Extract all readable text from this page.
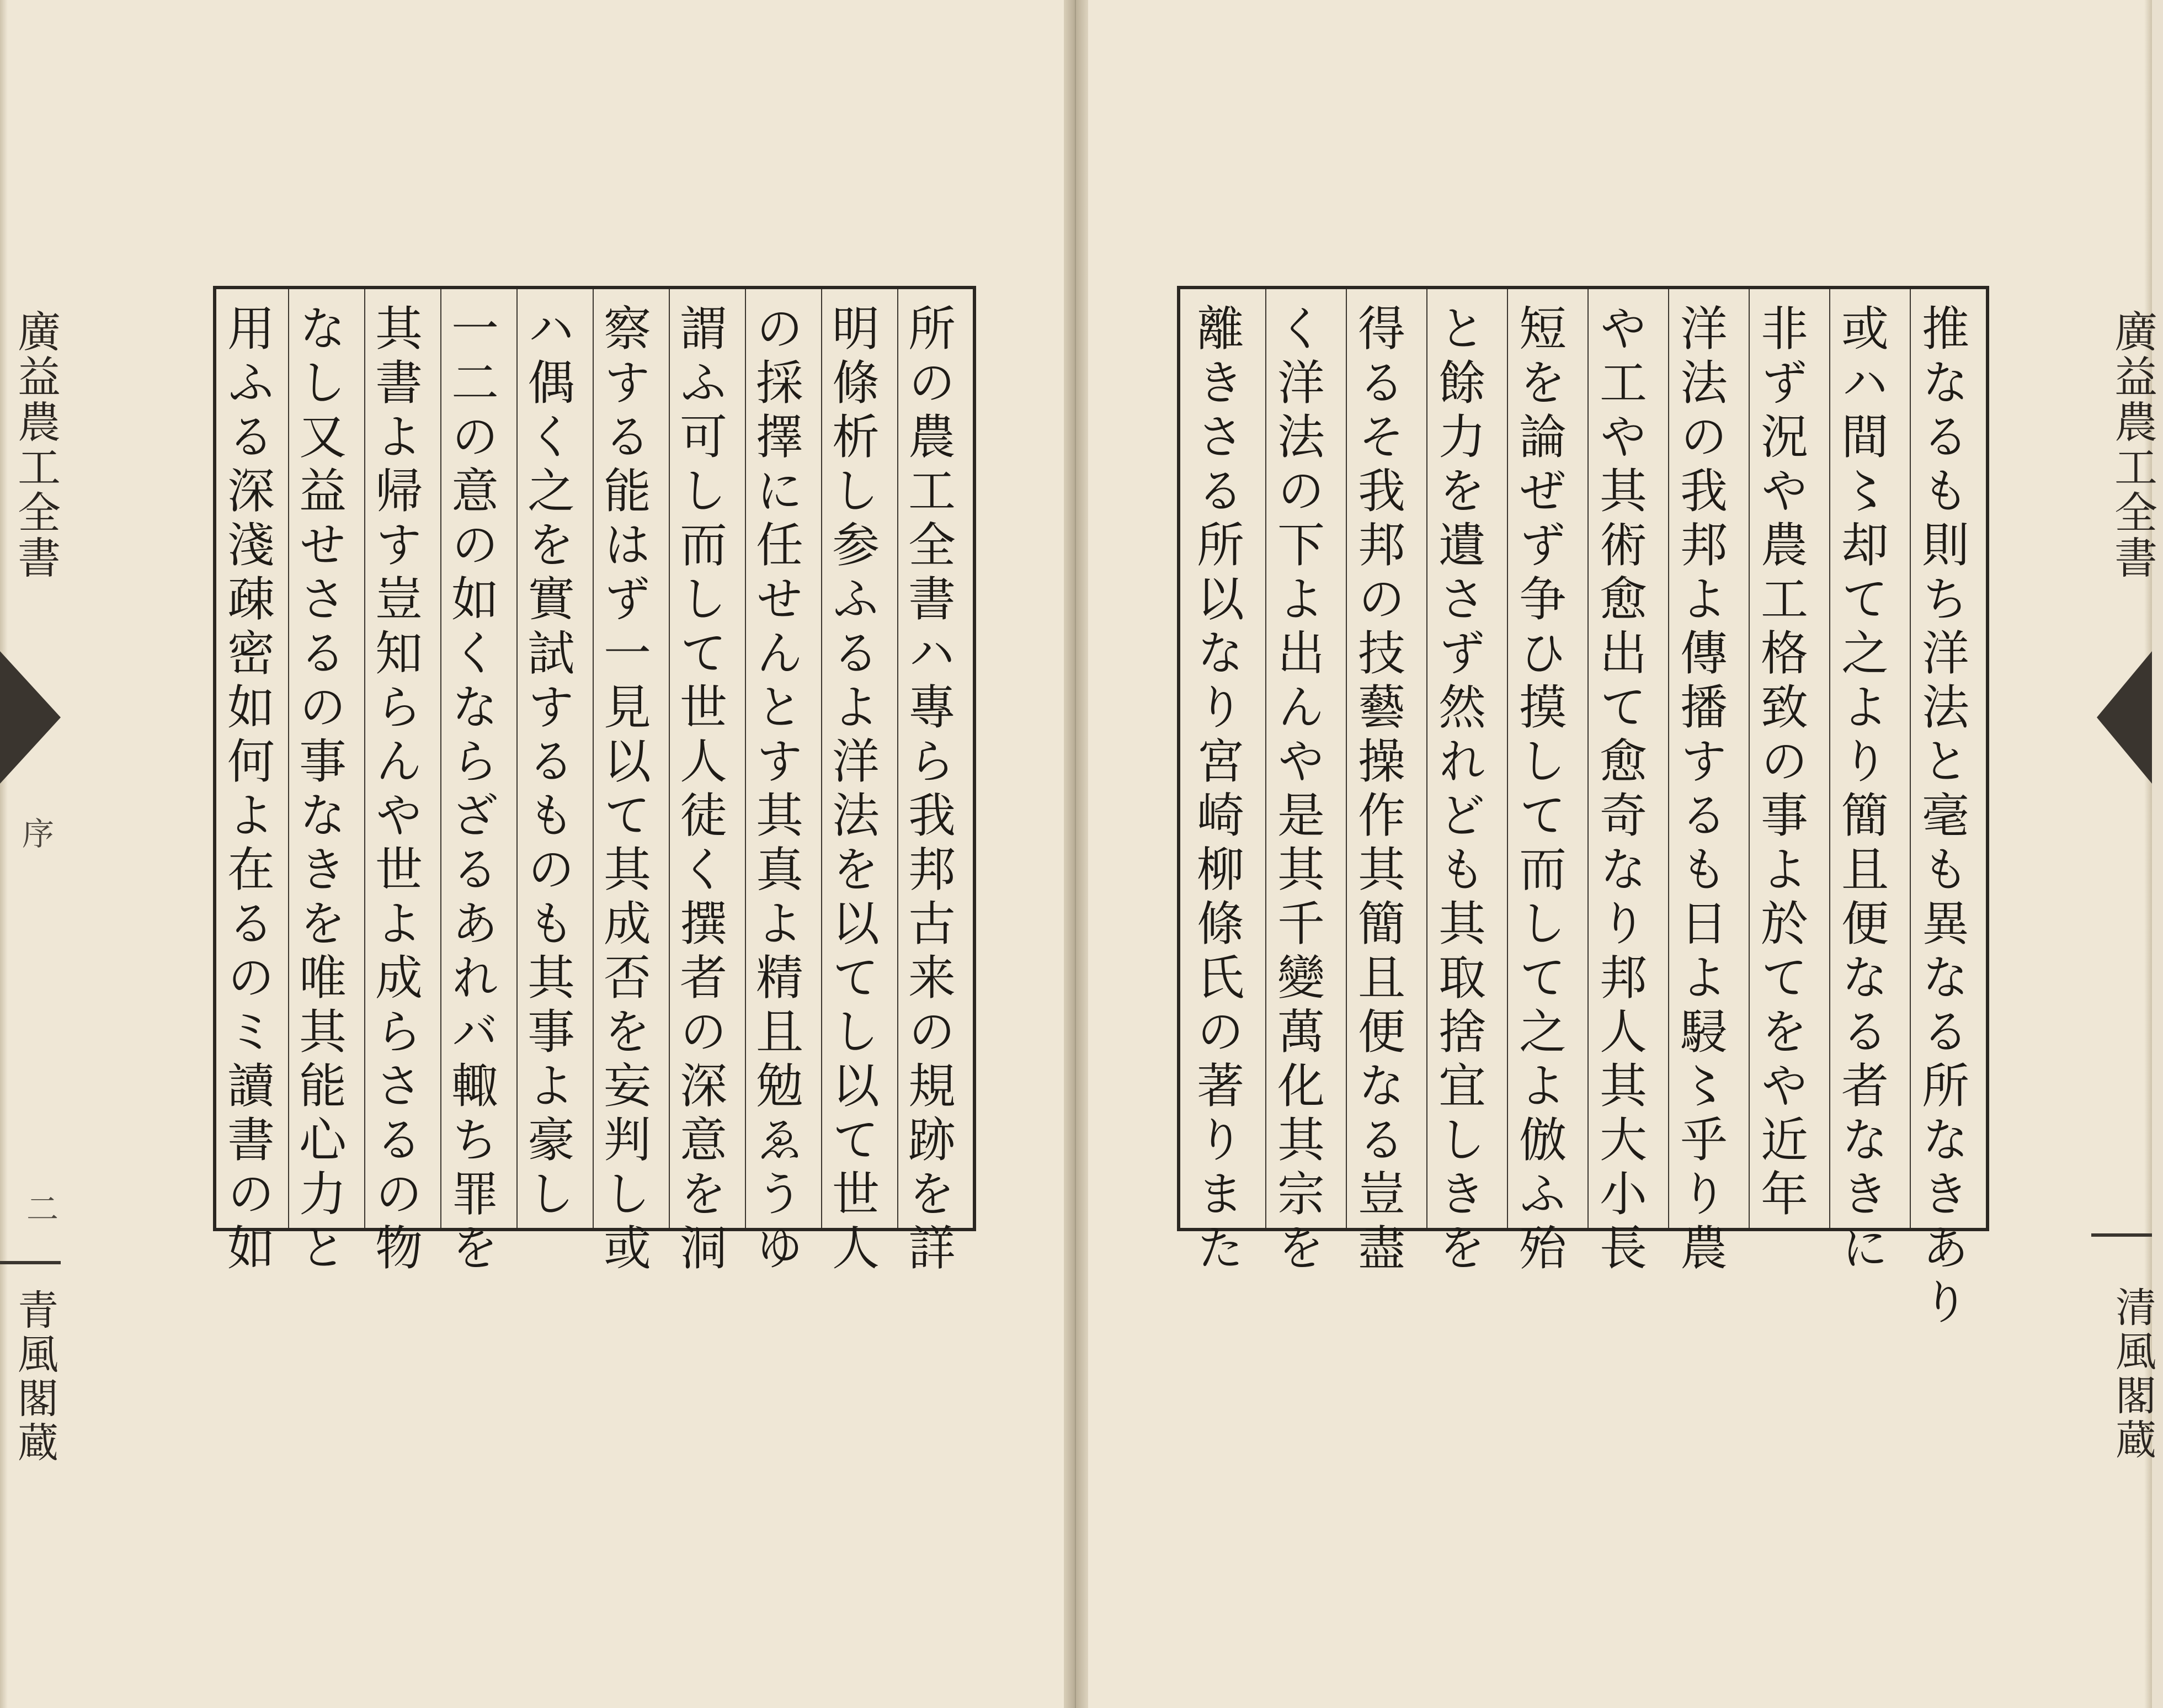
廣益農工全書
序
二
青風閣蔵
所の農工全書ハ專ら我邦古来の規跡を詳
明條析し参ふるよ洋法を以てし以て世人
の採擇に任せんとす其真よ精且勉ゑうゆ
謂ふ可し而して世人徒く撰者の深意を洞
察する能はず一見以て其成否を妄判し或
ハ偶く之を實試するものも其事よ豪し
一二の意の如くならざるあれバ輙ち罪を
其書よ帰す豈知らんや世よ成らさるの物
なし又益せさるの事なきを唯其能心力と
用ふる深淺疎密如何よ在るのミ讀書の如	推なるも則ち洋法と毫も異なる所なきあり
或ハ間〻却て之より簡且便なる者なきに
非ず況や農工格致の事よ於てをや近年
洋法の我邦よ傳播するも日よ駸〻乎り農
や工や其術愈出て愈奇なり邦人其大小長
短を論ぜず争ひ摸して而して之よ倣ふ殆
と餘力を遺さず然れども其取捨宜しきを
得るそ我邦の技藝操作其簡且便なる豈盡
く洋法の下よ出んや是其千變萬化其宗を
離きさる所以なり宮崎柳條氏の著りまた	廣益農工全書
清風閣蔵
